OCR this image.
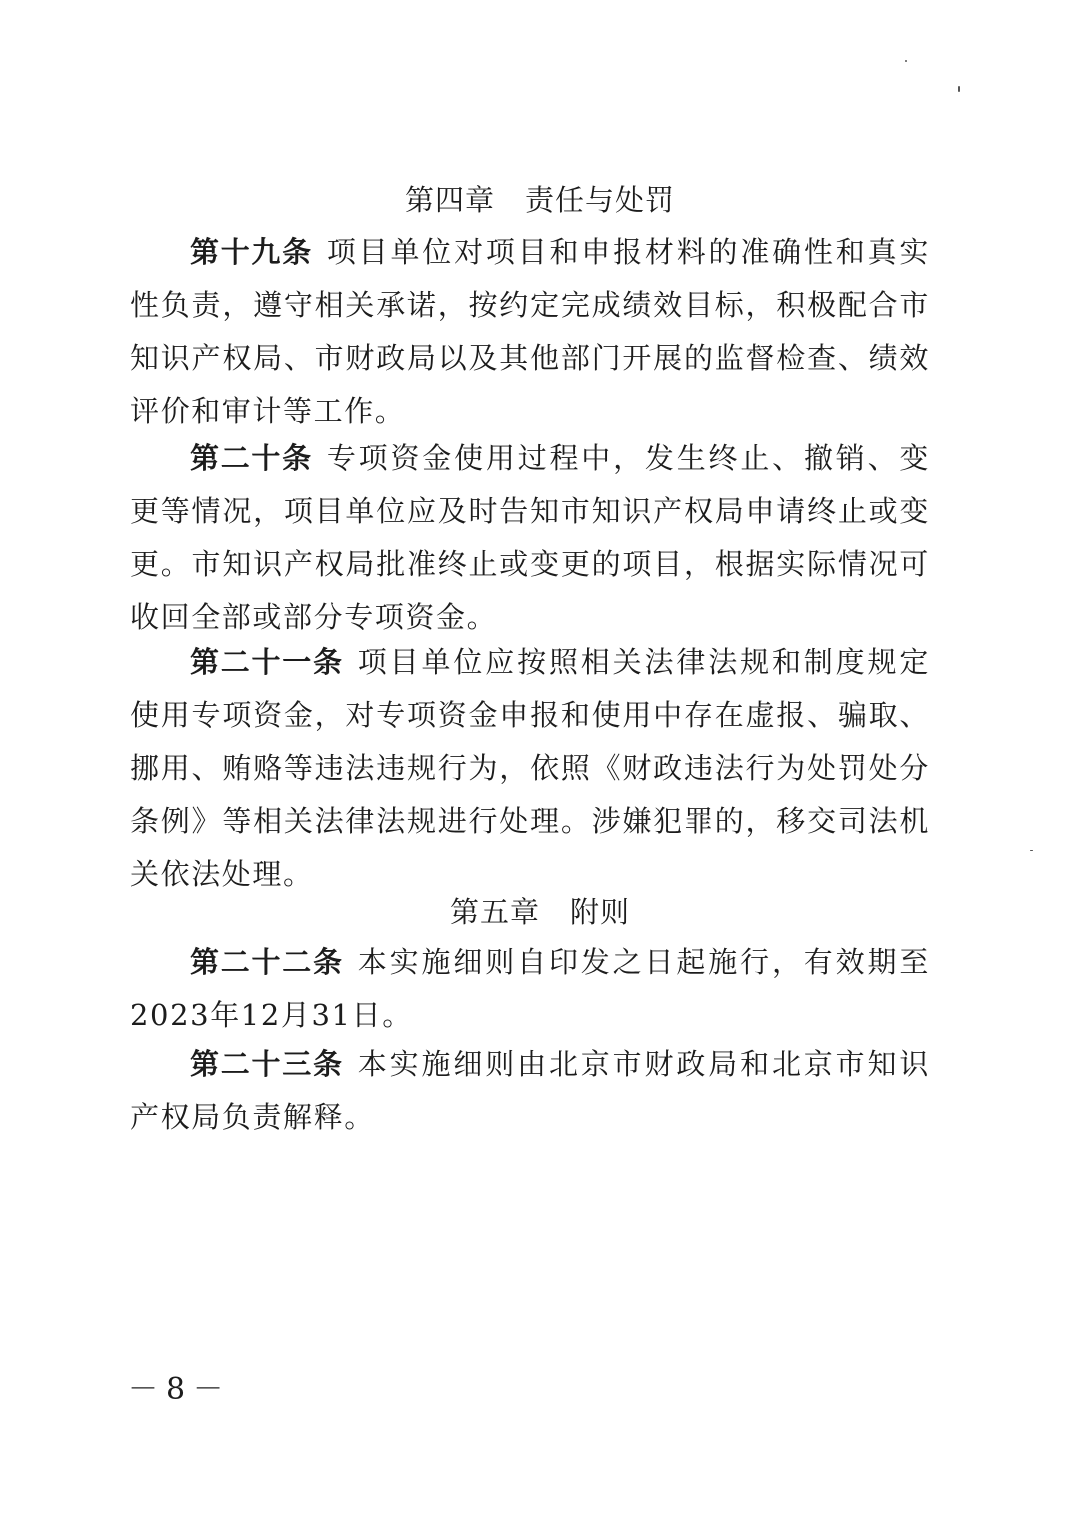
第四章 责任与处罚

第十九条 项目单位对项目和申报材料的准确性和真实性负责，遵守相关承诺，按约定完成绩效目标，积极配合市知识产权局、市财政局以及其他部门开展的监督检查、绩效评价和审计等工作。

第二十条 专项资金使用过程中，发生终止、撤销、变更等情况，项目单位应及时告知市知识产权局申请终止或变更。市知识产权局批准终止或变更的项目，根据实际情况可收回全部或部分专项资金。

第二十一条 项目单位应按照相关法律法规和制度规定使用专项资金，对专项资金申报和使用中存在虚报、骗取、挪用、贿赂等违法违规行为，依照《财政违法行为处罚处分条例》等相关法律法规进行处理。涉嫌犯罪的，移交司法机关依法处理。

第五章 附则

第二十二条 本实施细则自印发之日起施行，有效期至2023年12月31日。

第二十三条 本实施细则由北京市财政局和北京市知识产权局负责解释。

－8－
